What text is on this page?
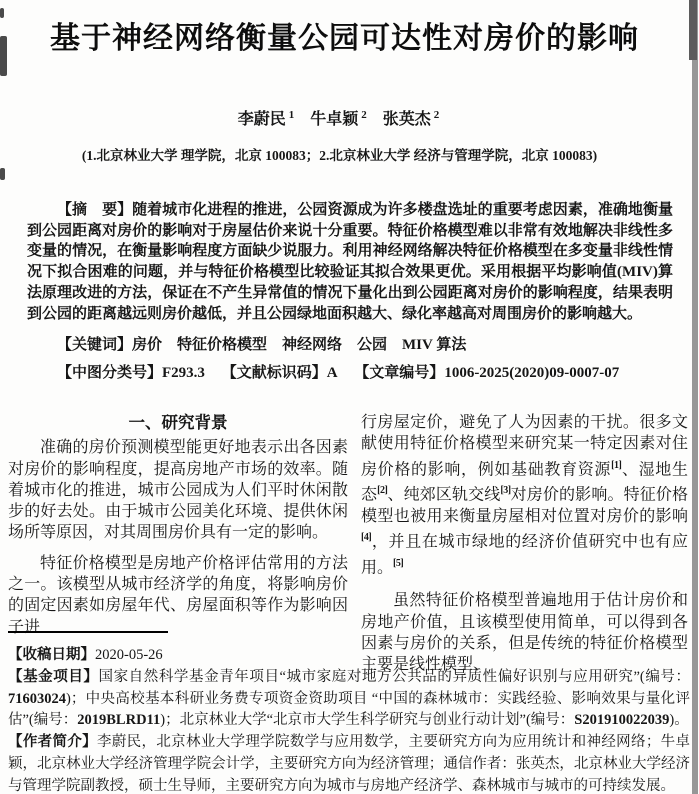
基于神经网络衡量公园可达性对房价的影响
李蔚民 $^1$ 牛卓颖 $^2$ 张英杰 $^2$
(1.北京林业大学 理学院，北京 100083；2.北京林业大学 经济与管理学院，北京 100083)

【摘　要】随着城市化进程的推进，公园资源成为许多楼盘选址的重要考虑因素，准确地衡量到公园距离对房价的影响对于房屋估价来说十分重要。特征价格模型难以非常有效地解决非线性多变量的情况，在衡量影响程度方面缺少说服力。利用神经网络解决特征价格模型在多变量非线性情况下拟合困难的问题，并与特征价格模型比较验证其拟合效果更优。采用根据平均影响值(MIV)算法原理改进的方法，保证在不产生异常值的情况下量化出到公园距离对房价的影响程度，结果表明到公园的距离越远则房价越低，并且公园绿地面积越大、绿化率越高对周围房价的影响越大。

【关键词】房价　特征价格模型　神经网络　公园　MIV 算法
【中图分类号】F293.3 【文献标识码】A 【文章编号】1006-2025(2020)09-0007-07
一、研究背景

准确的房价预测模型能更好地表示出各因素对房价的影响程度，提高房地产市场的效率。随着城市化的推进，城市公园成为人们平时休闲散步的好去处。由于城市公园美化环境、提供休闲场所等原因，对其周围房价具有一定的影响。

特征价格模型是房地产价格评估常用的方法之一。该模型从城市经济学的角度，将影响房价的固定因素如房屋年代、房屋面积等作为影响因子进

行房屋定价，避免了人为因素的干扰。很多文献使用特征价格模型来研究某一特定因素对住房价格的影响，例如基础教育资源[1]、湿地生态[2]、纯郊区轨交线[3]对房价的影响。特征价格模型也被用来衡量房屋相对位置对房价的影响[4]，并且在城市绿地的经济价值研究中也有应用。[5]

虽然特征价格模型普遍地用于估计房价和房地产价值，且该模型使用简单，可以得到各因素与房价的关系，但是传统的特征价格模型主要是线性模型、

【收稿日期】2020-05-26
【基金项目】国家自然科学基金青年项目“城市家庭对地方公共品的异质性偏好识别与应用研究”(编号：71603024)；中央高校基本科研业务费专项资金资助项目 “中国的森林城市：实践经验、影响效果与量化评估”(编号：2019BLRD11)；北京林业大学“北京市大学生科学研究与创业行动计划”(编号：S201910022039)。
【作者简介】李蔚民，北京林业大学理学院数学与应用数学，主要研究方向为应用统计和神经网络；牛卓颖，北京林业大学经济管理学院会计学，主要研究方向为经济管理；通信作者：张英杰，北京林业大学经济与管理学院副教授，硕士生导师，主要研究方向为城市与房地产经济学、森林城市与城市的可持续发展。
